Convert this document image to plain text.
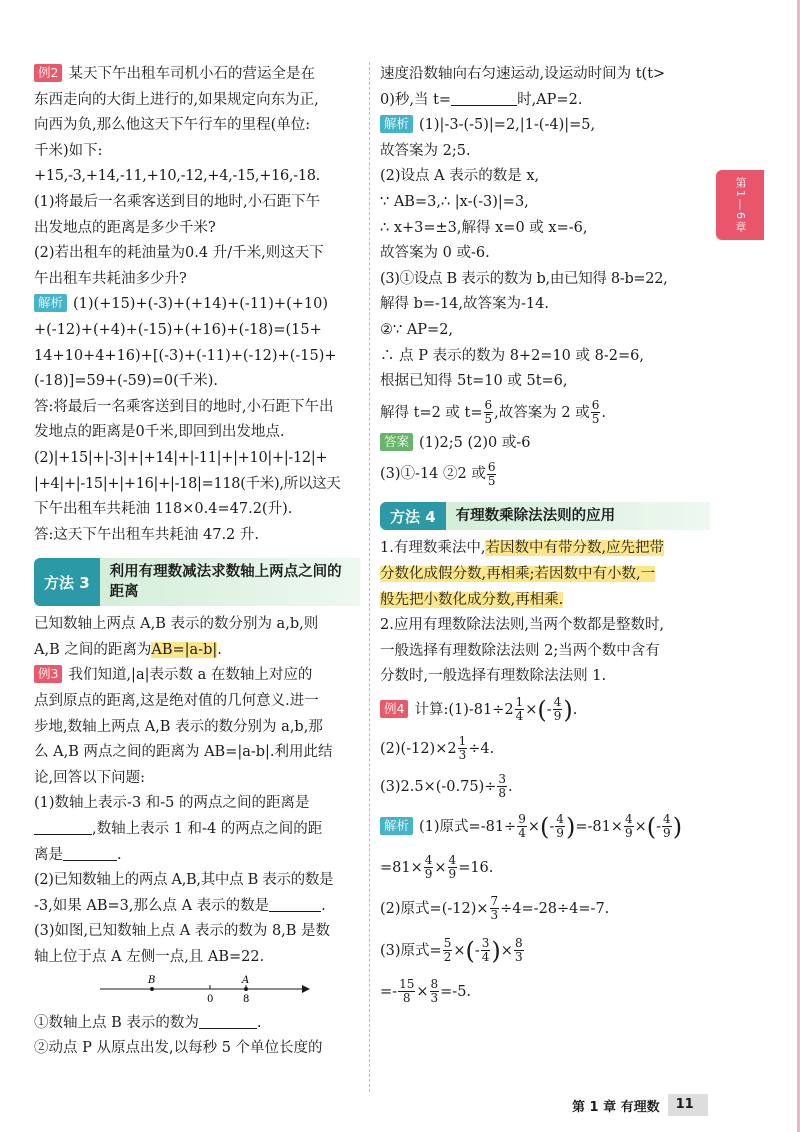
第1—6章
例2 某天下午出租车司机小石的营运全是在
东西走向的大街上进行的,如果规定向东为正,
向西为负,那么他这天下午行车的里程(单位:
千米)如下:
+15,-3,+14,-11,+10,-12,+4,-15,+16,-18.
(1)将最后一名乘客送到目的地时,小石距下午
出发地点的距离是多少千米?
(2)若出租车的耗油量为0.4 升/千米,则这天下
午出租车共耗油多少升?
解析 (1)(+15)+(-3)+(+14)+(-11)+(+10)
+(-12)+(+4)+(-15)+(+16)+(-18)=(15+
14+10+4+16)+[(-3)+(-11)+(-12)+(-15)+
(-18)]=59+(-59)=0(千米).
答:将最后一名乘客送到目的地时,小石距下午出
发地点的距离是0千米,即回到出发地点.
(2)|+15|+|-3|+|+14|+|-11|+|+10|+|-12|+
|+4|+|-15|+|+16|+|-18|=118(千米),所以这天
下午出租车共耗油 118×0.4=47.2(升).
答:这天下午出租车共耗油 47.2 升.
方法 3
利用有理数减法求数轴上两点之间的距离
已知数轴上两点 A,B 表示的数分别为 a,b,则
A,B 之间的距离为AB=|a-b|.
例3 我们知道,|a|表示数 a 在数轴上对应的
点到原点的距离,这是绝对值的几何意义.进一
步地,数轴上两点 A,B 表示的数分别为 a,b,那
么 A,B 两点之间的距离为 AB=|a-b|.利用此结
论,回答以下问题:
(1)数轴上表示-3 和-5 的两点之间的距离是
,数轴上表示 1 和-4 的两点之间的距
离是	.
(2)已知数轴上的两点 A,B,其中点 B 表示的数是
-3,如果 AB=3,那么点 A 表示的数是	.
(3)如图,已知数轴上点 A 表示的数为 8,B 是数
轴上位于点 A 左侧一点,且 AB=22.
B	A
0	8
①数轴上点 B 表示的数为	.
②动点 P 从原点出发,以每秒 5 个单位长度的
速度沿数轴向右匀速运动,设运动时间为 t(t>
0)秒,当 t=	时,AP=2.
解析 (1)|-3-(-5)|=2,|1-(-4)|=5,
故答案为 2;5.
(2)设点 A 表示的数是 x,
∵ AB=3,∴ |x-(-3)|=3,
∴ x+3=±3,解得 x=0 或 x=-6,
故答案为 0 或-6.
(3)①设点 B 表示的数为 b,由已知得 8-b=22,
解得 b=-14,故答案为-14.
②∵ AP=2,
∴ 点 P 表示的数为 8+2=10 或 8-2=6,
根据已知得 5t=10 或 5t=6,
解得 t=2 或 $t= \frac{6}{5}$ ,故答案为 2 或 $\frac{6}{5}$ .
答案 (1)2;5 (2)0 或-6
(3)①-14 ②2 或 $\frac{6}{5}$
方法 4	有理数乘除法法则的应用
1.有理数乘法中,若因数中有带分数,应先把带
分数化成假分数,再相乘;若因数中有小数,一
般先把小数化成分数,再相乘.
2.应用有理数除法法则,当两个数都是整数时,
一般选择有理数除法法则 2;当两个数中含有
分数时,一般选择有理数除法法则 1.
例4 计算:(1)-81÷2 $\frac{1}{4}$ ×(- $\frac{4}{9}$ ).
$(2)(-12)\times 2 \frac{1}{3} \div 4$.
$(3)2.5\times(-0.75)\div \frac{3}{8}$ .
解析 (1)原式$=-81\div \frac{9}{4}$ ×(- $\frac{4}{9} )=-81\times \frac{4}{9}$ ×(- $\frac{4}{9}$ )
$=81\times \frac{4}{9} \times \frac{4}{9} =16$.
(2)原式$=(-12)\times \frac{7}{3} \div 4=-28\div 4=-7$.
(3)原式= $\frac{5}{2}$ ×(- $\frac{3}{4}$ )× $\frac{8}{3}$
=- $\frac{15}{8} \times \frac{8}{3} =-5$.
第 1 章 有理数	11
